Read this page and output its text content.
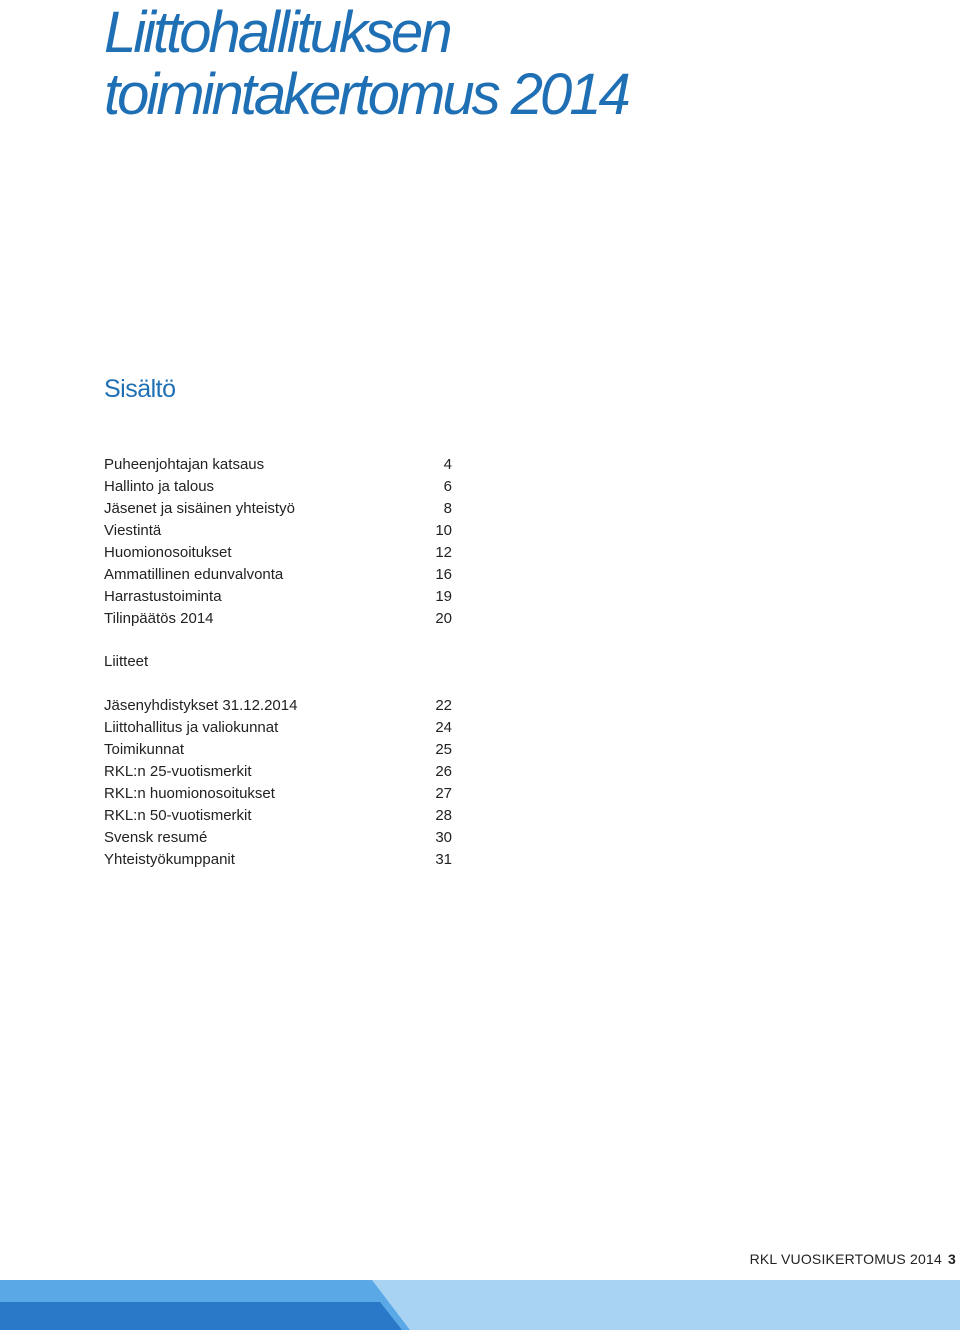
Liittohallituksen
toimintakertomus 2014
Sisältö
Puheenjohtajan katsaus	4
Hallinto ja talous	6
Jäsenet ja sisäinen yhteistyö	8
Viestintä	10
Huomionosoitukset	12
Ammatillinen edunvalvonta	16
Harrastustoiminta	19
Tilinpäätös 2014	20
Liitteet
Jäsenyhdistykset 31.12.2014	22
Liittohallitus ja valiokunnat	24
Toimikunnat	25
RKL:n 25-vuotismerkit	26
RKL:n huomionosoitukset	27
RKL:n 50-vuotismerkit	28
Svensk resumé	30
Yhteistyökumppanit	31
RKL VUOSIKERTOMUS 2014 3
